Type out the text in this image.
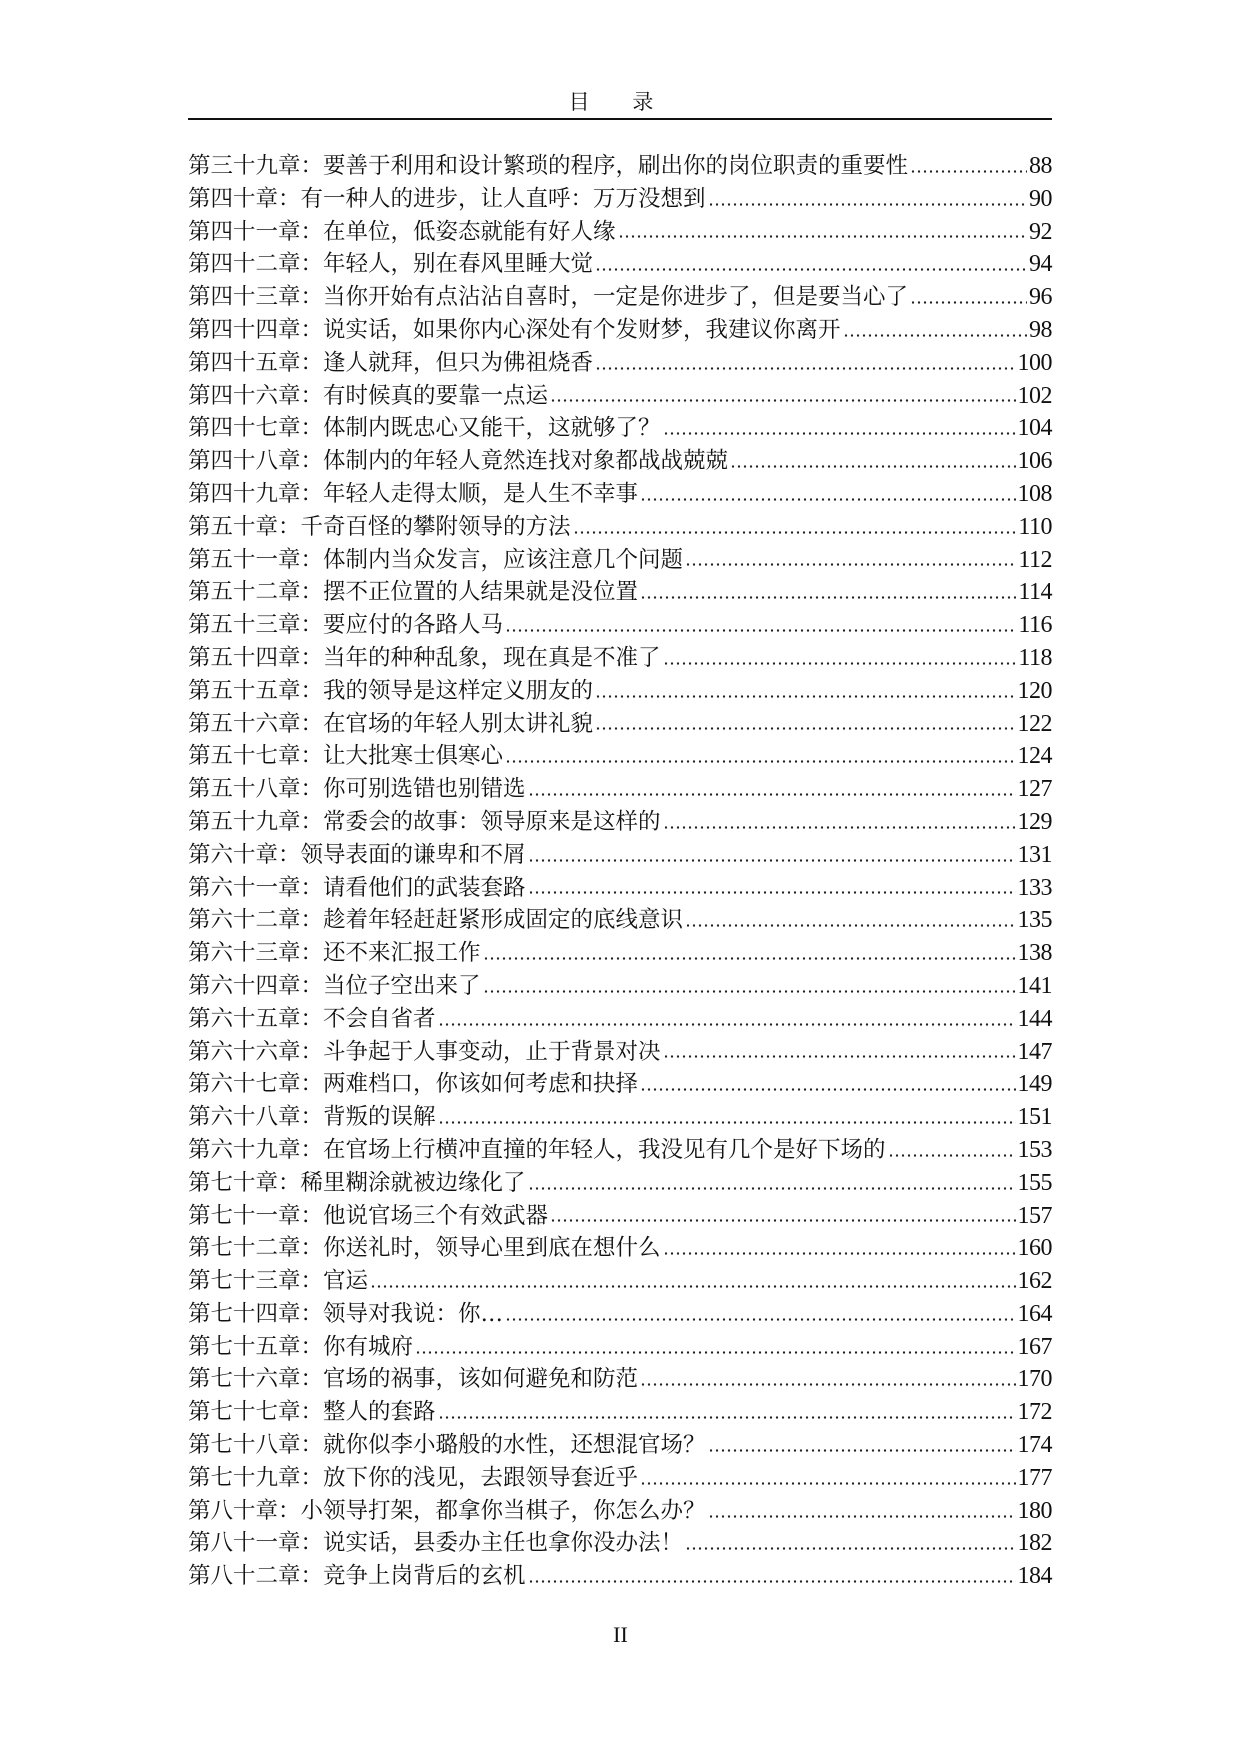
目 录
第三十九章：要善于利用和设计繁琐的程序，刷出你的岗位职责的重要性	88
第四十章：有一种人的进步，让人直呼：万万没想到	90
第四十一章：在单位，低姿态就能有好人缘	92
第四十二章：年轻人，别在春风里睡大觉	94
第四十三章：当你开始有点沾沾自喜时，一定是你进步了，但是要当心了	96
第四十四章：说实话，如果你内心深处有个发财梦，我建议你离开	98
第四十五章：逢人就拜，但只为佛祖烧香	100
第四十六章：有时候真的要靠一点运	102
第四十七章：体制内既忠心又能干，这就够了？	104
第四十八章：体制内的年轻人竟然连找对象都战战兢兢	106
第四十九章：年轻人走得太顺，是人生不幸事	108
第五十章：千奇百怪的攀附领导的方法	110
第五十一章：体制内当众发言，应该注意几个问题	112
第五十二章：摆不正位置的人结果就是没位置	114
第五十三章：要应付的各路人马	116
第五十四章：当年的种种乱象，现在真是不准了	118
第五十五章：我的领导是这样定义朋友的	120
第五十六章：在官场的年轻人别太讲礼貌	122
第五十七章：让大批寒士俱寒心	124
第五十八章：你可别选错也别错选	127
第五十九章：常委会的故事：领导原来是这样的	129
第六十章：领导表面的谦卑和不屑	131
第六十一章：请看他们的武装套路	133
第六十二章：趁着年轻赶赶紧形成固定的底线意识	135
第六十三章：还不来汇报工作	138
第六十四章：当位子空出来了	141
第六十五章：不会自省者	144
第六十六章：斗争起于人事变动，止于背景对决	147
第六十七章：两难档口，你该如何考虑和抉择	149
第六十八章：背叛的误解	151
第六十九章：在官场上行横冲直撞的年轻人，我没见有几个是好下场的	153
第七十章：稀里糊涂就被边缘化了	155
第七十一章：他说官场三个有效武器	157
第七十二章：你送礼时，领导心里到底在想什么	160
第七十三章：官运	162
第七十四章：领导对我说：你…	164
第七十五章：你有城府	167
第七十六章：官场的祸事，该如何避免和防范	170
第七十七章：整人的套路	172
第七十八章：就你似李小璐般的水性，还想混官场？	174
第七十九章：放下你的浅见，去跟领导套近乎	177
第八十章：小领导打架，都拿你当棋子，你怎么办？	180
第八十一章：说实话，县委办主任也拿你没办法！	182
第八十二章：竞争上岗背后的玄机	184
II
